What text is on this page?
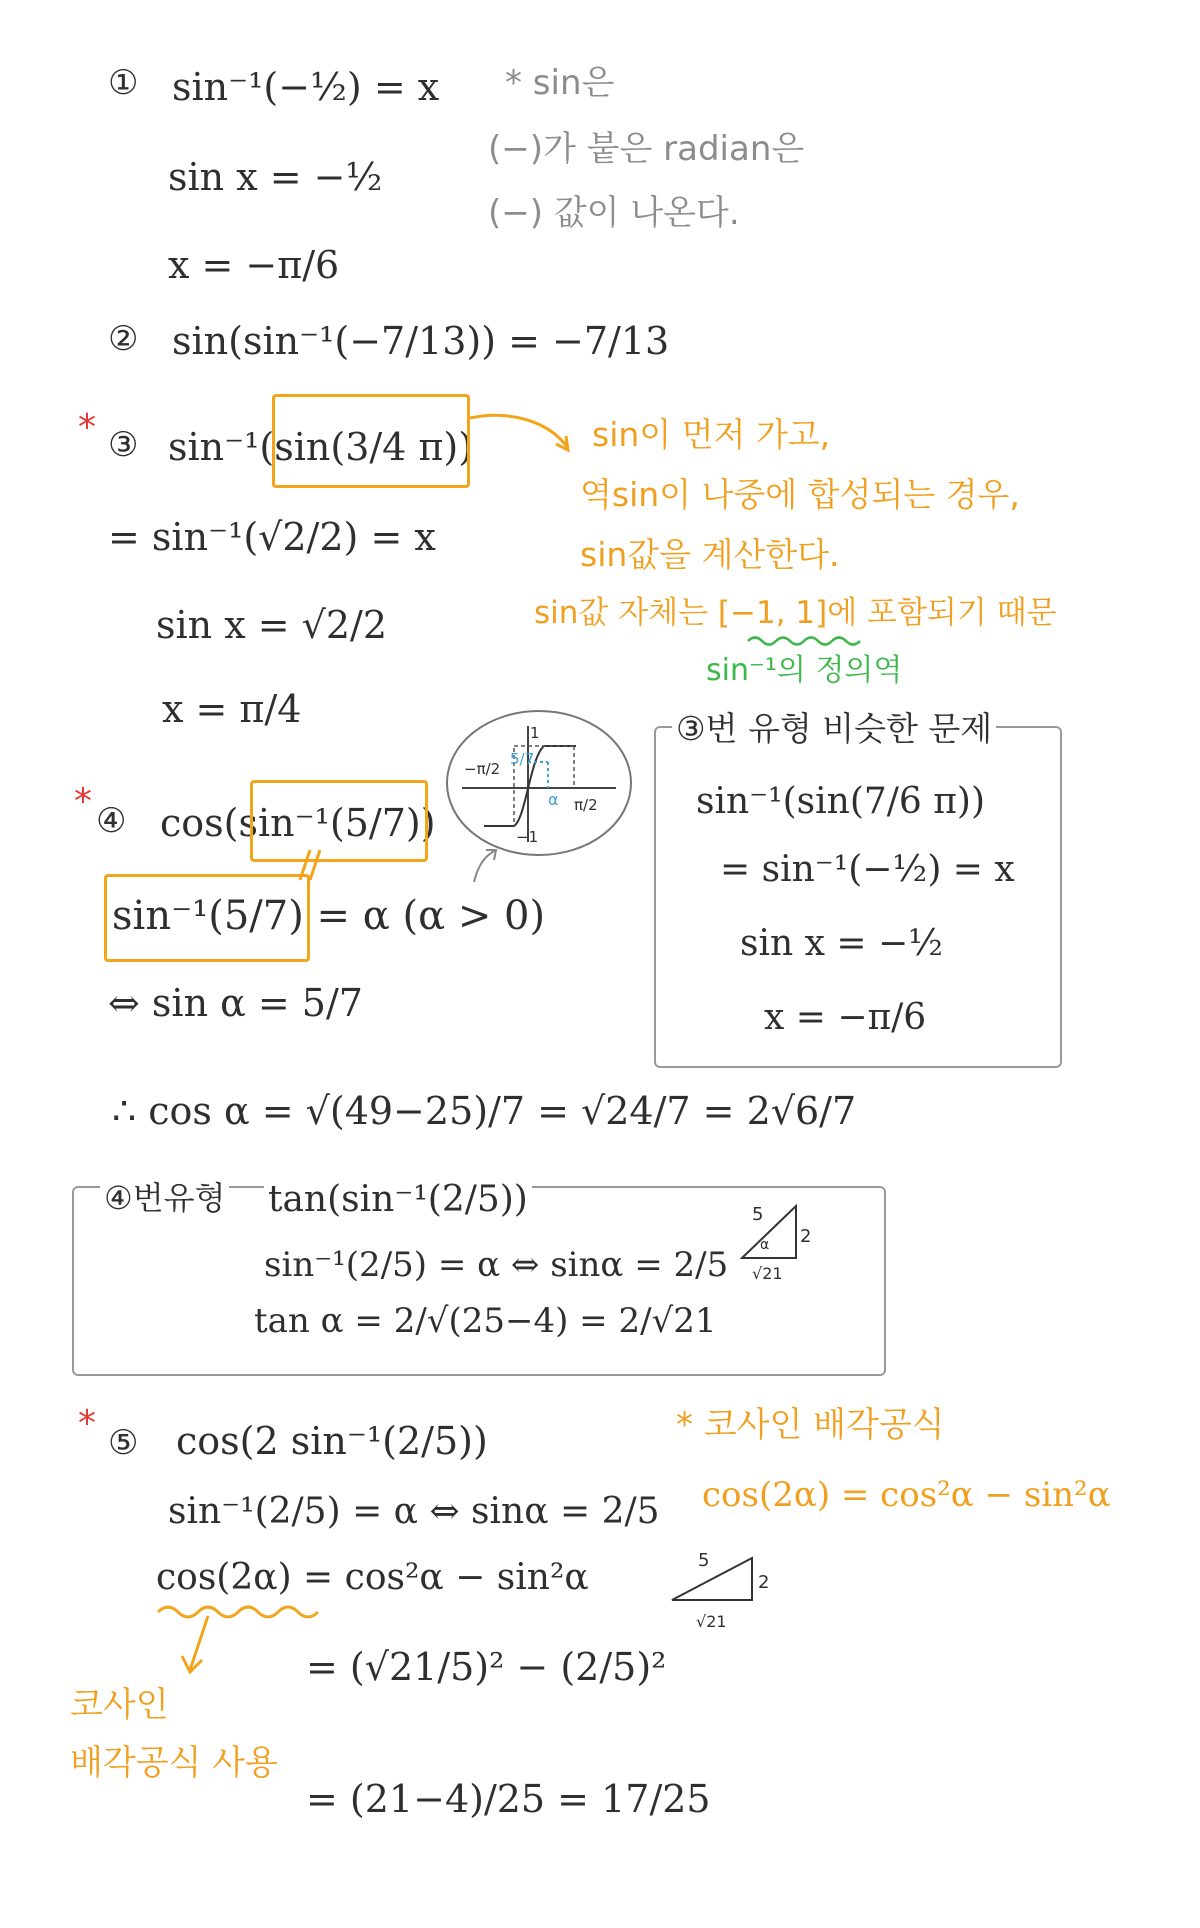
① sin⁻¹(−½) = x
sin x = −½
x = −π/6
* sin은
(−)가 붙은 radian은
(−) 값이 나온다.
② sin(sin⁻¹(−7/13)) = −7/13
* ③ sin⁻¹(sin(3/4 π))
= sin⁻¹(√2/2) = x
sin x = √2/2
x = π/4
sin이 먼저 가고,
역sin이 나중에 합성되는 경우,
sin값을 계산한다.
sin값 자체는 [−1, 1]에 포함되기 때문
sin⁻¹의 정의역
③번 유형 비슷한 문제
sin⁻¹(sin(7/6 π))
= sin⁻¹(−½) = x
sin x = −½
x = −π/6
−π/2
1
5/7
α π/2
−1
* ④ cos(sin⁻¹(5/7))
sin⁻¹(5/7) = α (α > 0)
⇔ sin α = 5/7
∴ cos α = √(49−25)/7 = √24/7 = 2√6/7
④번유형 tan(sin⁻¹(2/5))
sin⁻¹(2/5) = α ⇔ sinα = 2/5
tan α = 2/√(25−4) = 2/√21
5
2
√21
α
* ⑤ cos(2 sin⁻¹(2/5))
sin⁻¹(2/5) = α ⇔ sinα = 2/5
cos(2α) = cos²α − sin²α
= (√21/5)² − (2/5)²
= (21−4)/25 = 17/25
* 코사인 배각공식
cos(2α) = cos²α − sin²α
코사인
배각공식 사용
5
2
√21
